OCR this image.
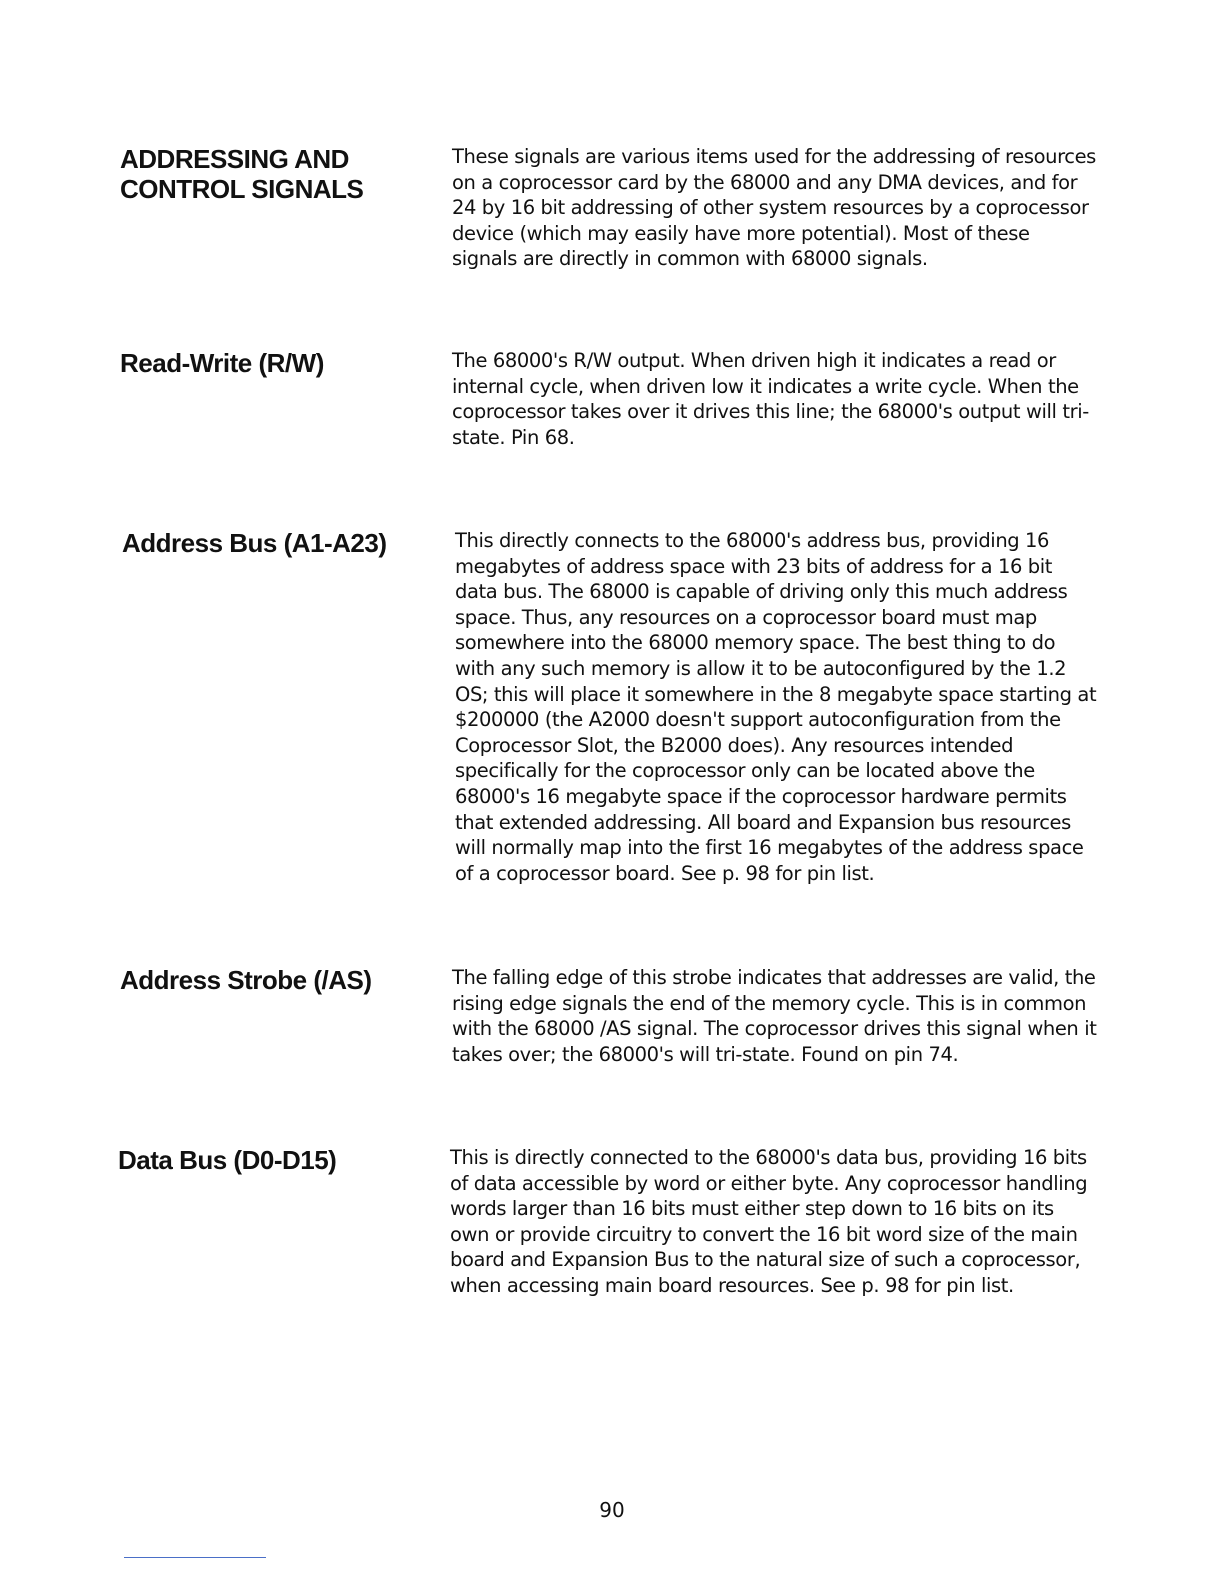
ADDRESSING AND CONTROL SIGNALS

These signals are various items used for the addressing of resources on a coprocessor card by the 68000 and any DMA devices, and for 24 by 16 bit addressing of other system resources by a coprocessor device (which may easily have more potential). Most of these signals are directly in common with 68000 signals.

Read-Write (R/W)	The 68000's R/W output. When driven high it indicates a read or internal cycle, when driven low it indicates a write cycle. When the coprocessor takes over it drives this line; the 68000's output will tri-state. Pin 68.

Address Bus (A1-A23)	This directly connects to the 68000's address bus, providing 16 megabytes of address space with 23 bits of address for a 16 bit data bus. The 68000 is capable of driving only this much address space. Thus, any resources on a coprocessor board must map somewhere into the 68000 memory space. The best thing to do with any such memory is allow it to be autoconfigured by the 1.2 OS; this will place it somewhere in the 8 megabyte space starting at $200000 (the A2000 doesn't support autoconfiguration from the Coprocessor Slot, the B2000 does). Any resources intended specifically for the coprocessor only can be located above the 68000's 16 megabyte space if the coprocessor hardware permits that extended addressing. All board and Expansion bus resources will normally map into the first 16 megabytes of the address space of a coprocessor board. See p. 98 for pin list.

Address Strobe (/AS)	The falling edge of this strobe indicates that addresses are valid, the rising edge signals the end of the memory cycle. This is in common with the 68000 /AS signal. The coprocessor drives this signal when it takes over; the 68000's will tri-state. Found on pin 74.

Data Bus (D0-D15)	This is directly connected to the 68000's data bus, providing 16 bits of data accessible by word or either byte. Any coprocessor handling words larger than 16 bits must either step down to 16 bits on its own or provide circuitry to convert the 16 bit word size of the main board and Expansion Bus to the natural size of such a coprocessor, when accessing main board resources. See p. 98 for pin list.

90
